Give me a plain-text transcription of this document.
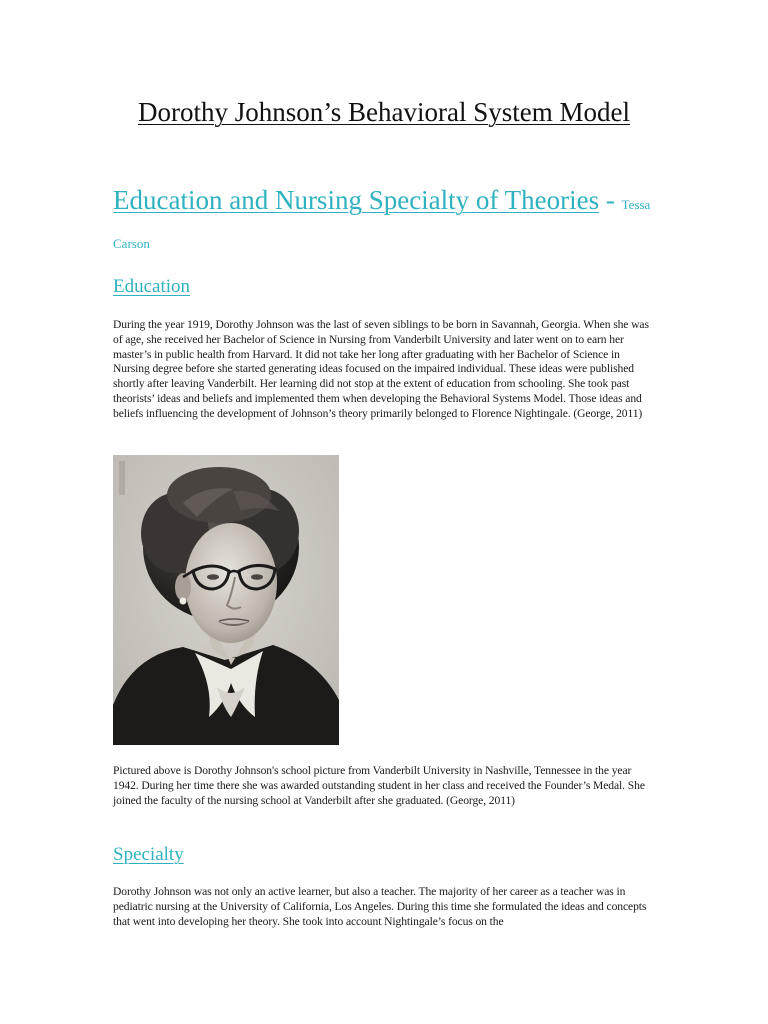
Dorothy Johnson’s Behavioral System Model
Education and Nursing Specialty of Theories - Tessa Carson
Education

During the year 1919, Dorothy Johnson was the last of seven siblings to be born in Savannah, Georgia. When she was of age, she received her Bachelor of Science in Nursing from Vanderbilt University and later went on to earn her master’s in public health from Harvard. It did not take her long after graduating with her Bachelor of Science in Nursing degree before she started generating ideas focused on the impaired individual. These ideas were published shortly after leaving Vanderbilt. Her learning did not stop at the extent of education from schooling. She took past theorists’ ideas and beliefs and implemented them when developing the Behavioral Systems Model. Those ideas and beliefs influencing the development of Johnson’s theory primarily belonged to Florence Nightingale. (George, 2011)

Pictured above is Dorothy Johnson's school picture from Vanderbilt University in Nashville, Tennessee in the year 1942. During her time there she was awarded outstanding student in her class and received the Founder’s Medal. She joined the faculty of the nursing school at Vanderbilt after she graduated. (George, 2011)

Specialty

Dorothy Johnson was not only an active learner, but also a teacher. The majority of her career as a teacher was in pediatric nursing at the University of California, Los Angeles. During this time she formulated the ideas and concepts that went into developing her theory. She took into account Nightingale’s focus on the
